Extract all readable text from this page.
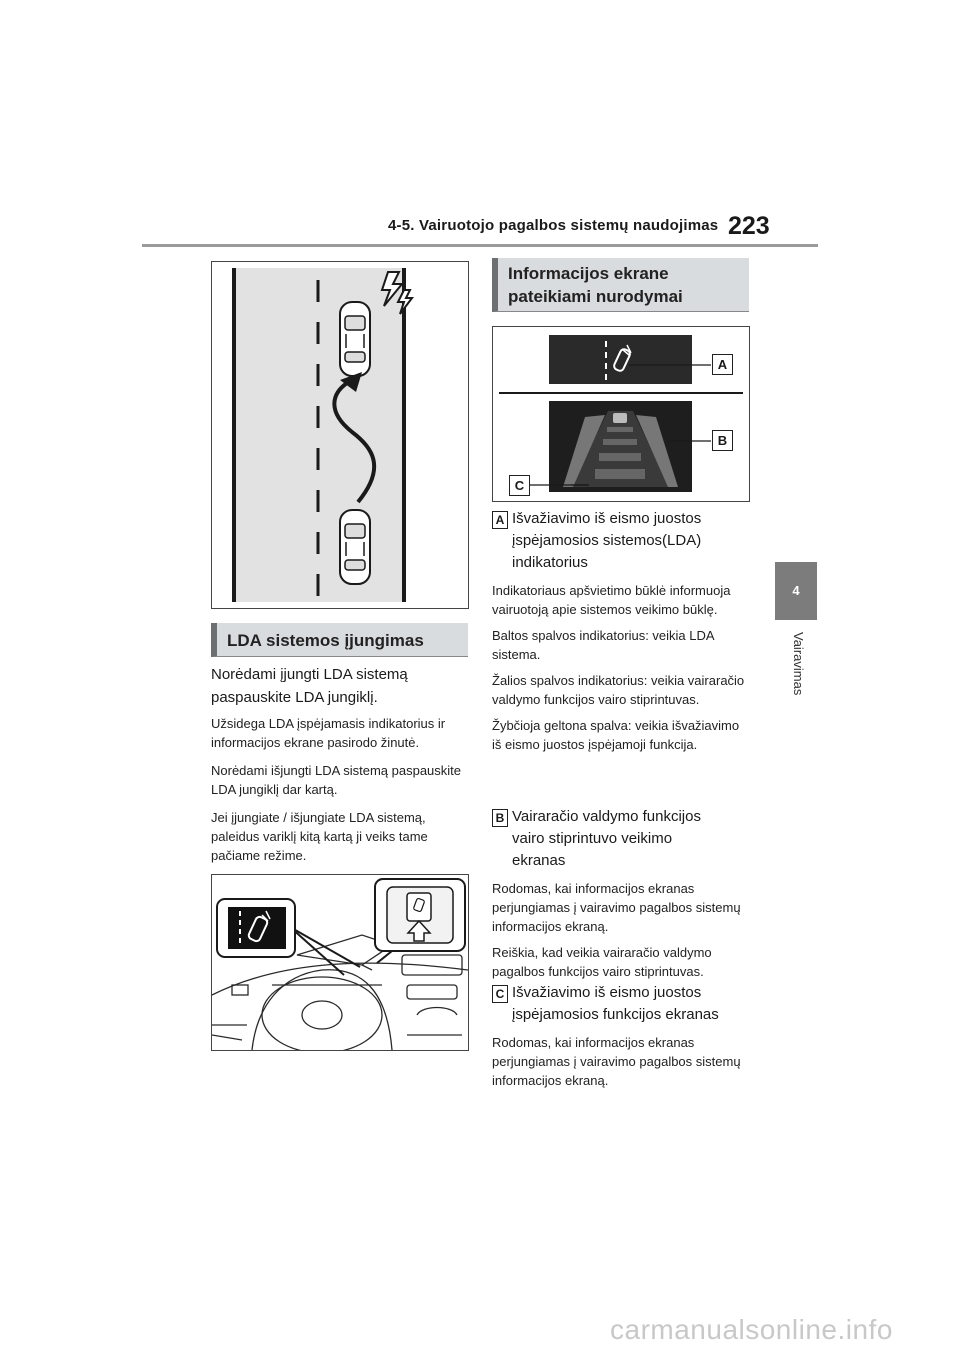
4-5. Vairuotojo pagalbos sistemų naudojimas 223
4
Vairavimas
LDA sistemos įjungimas
Norėdami įjungti LDA sistemą paspauskite LDA jungiklį.

Užsidega LDA įspėjamasis indikatorius ir informacijos ekrane pasirodo žinutė.

Norėdami išjungti LDA sistemą paspauskite LDA jungiklį dar kartą.

Jei įjungiate / išjungiate LDA sistemą, paleidus variklį kitą kartą ji veiks tame pačiame režime.

Informacijos ekrane pateikiami nurodymai
A
B
C
A Išvažiavimo iš eismo juostos įspėjamosios sistemos(LDA) indikatorius

Indikatoriaus apšvietimo būklė informuoja vairuotoją apie sistemos veikimo būklę.

Baltos spalvos indikatorius: veikia LDA sistema.

Žalios spalvos indikatorius: veikia vairaračio valdymo funkcijos vairo stiprintuvas.

Žybčioja geltona spalva: veikia išvažiavimo iš eismo juostos įspėjamoji funkcija.

B Vairaračio valdymo funkcijos vairo stiprintuvo veikimo ekranas

Rodomas, kai informacijos ekranas perjungiamas į vairavimo pagalbos sistemų informacijos ekraną.

Reiškia, kad veikia vairaračio valdymo pagalbos funkcijos vairo stiprintuvas.

C Išvažiavimo iš eismo juostos įspėjamosios funkcijos ekranas

Rodomas, kai informacijos ekranas perjungiamas į vairavimo pagalbos sistemų informacijos ekraną.

carmanualsonline.info
